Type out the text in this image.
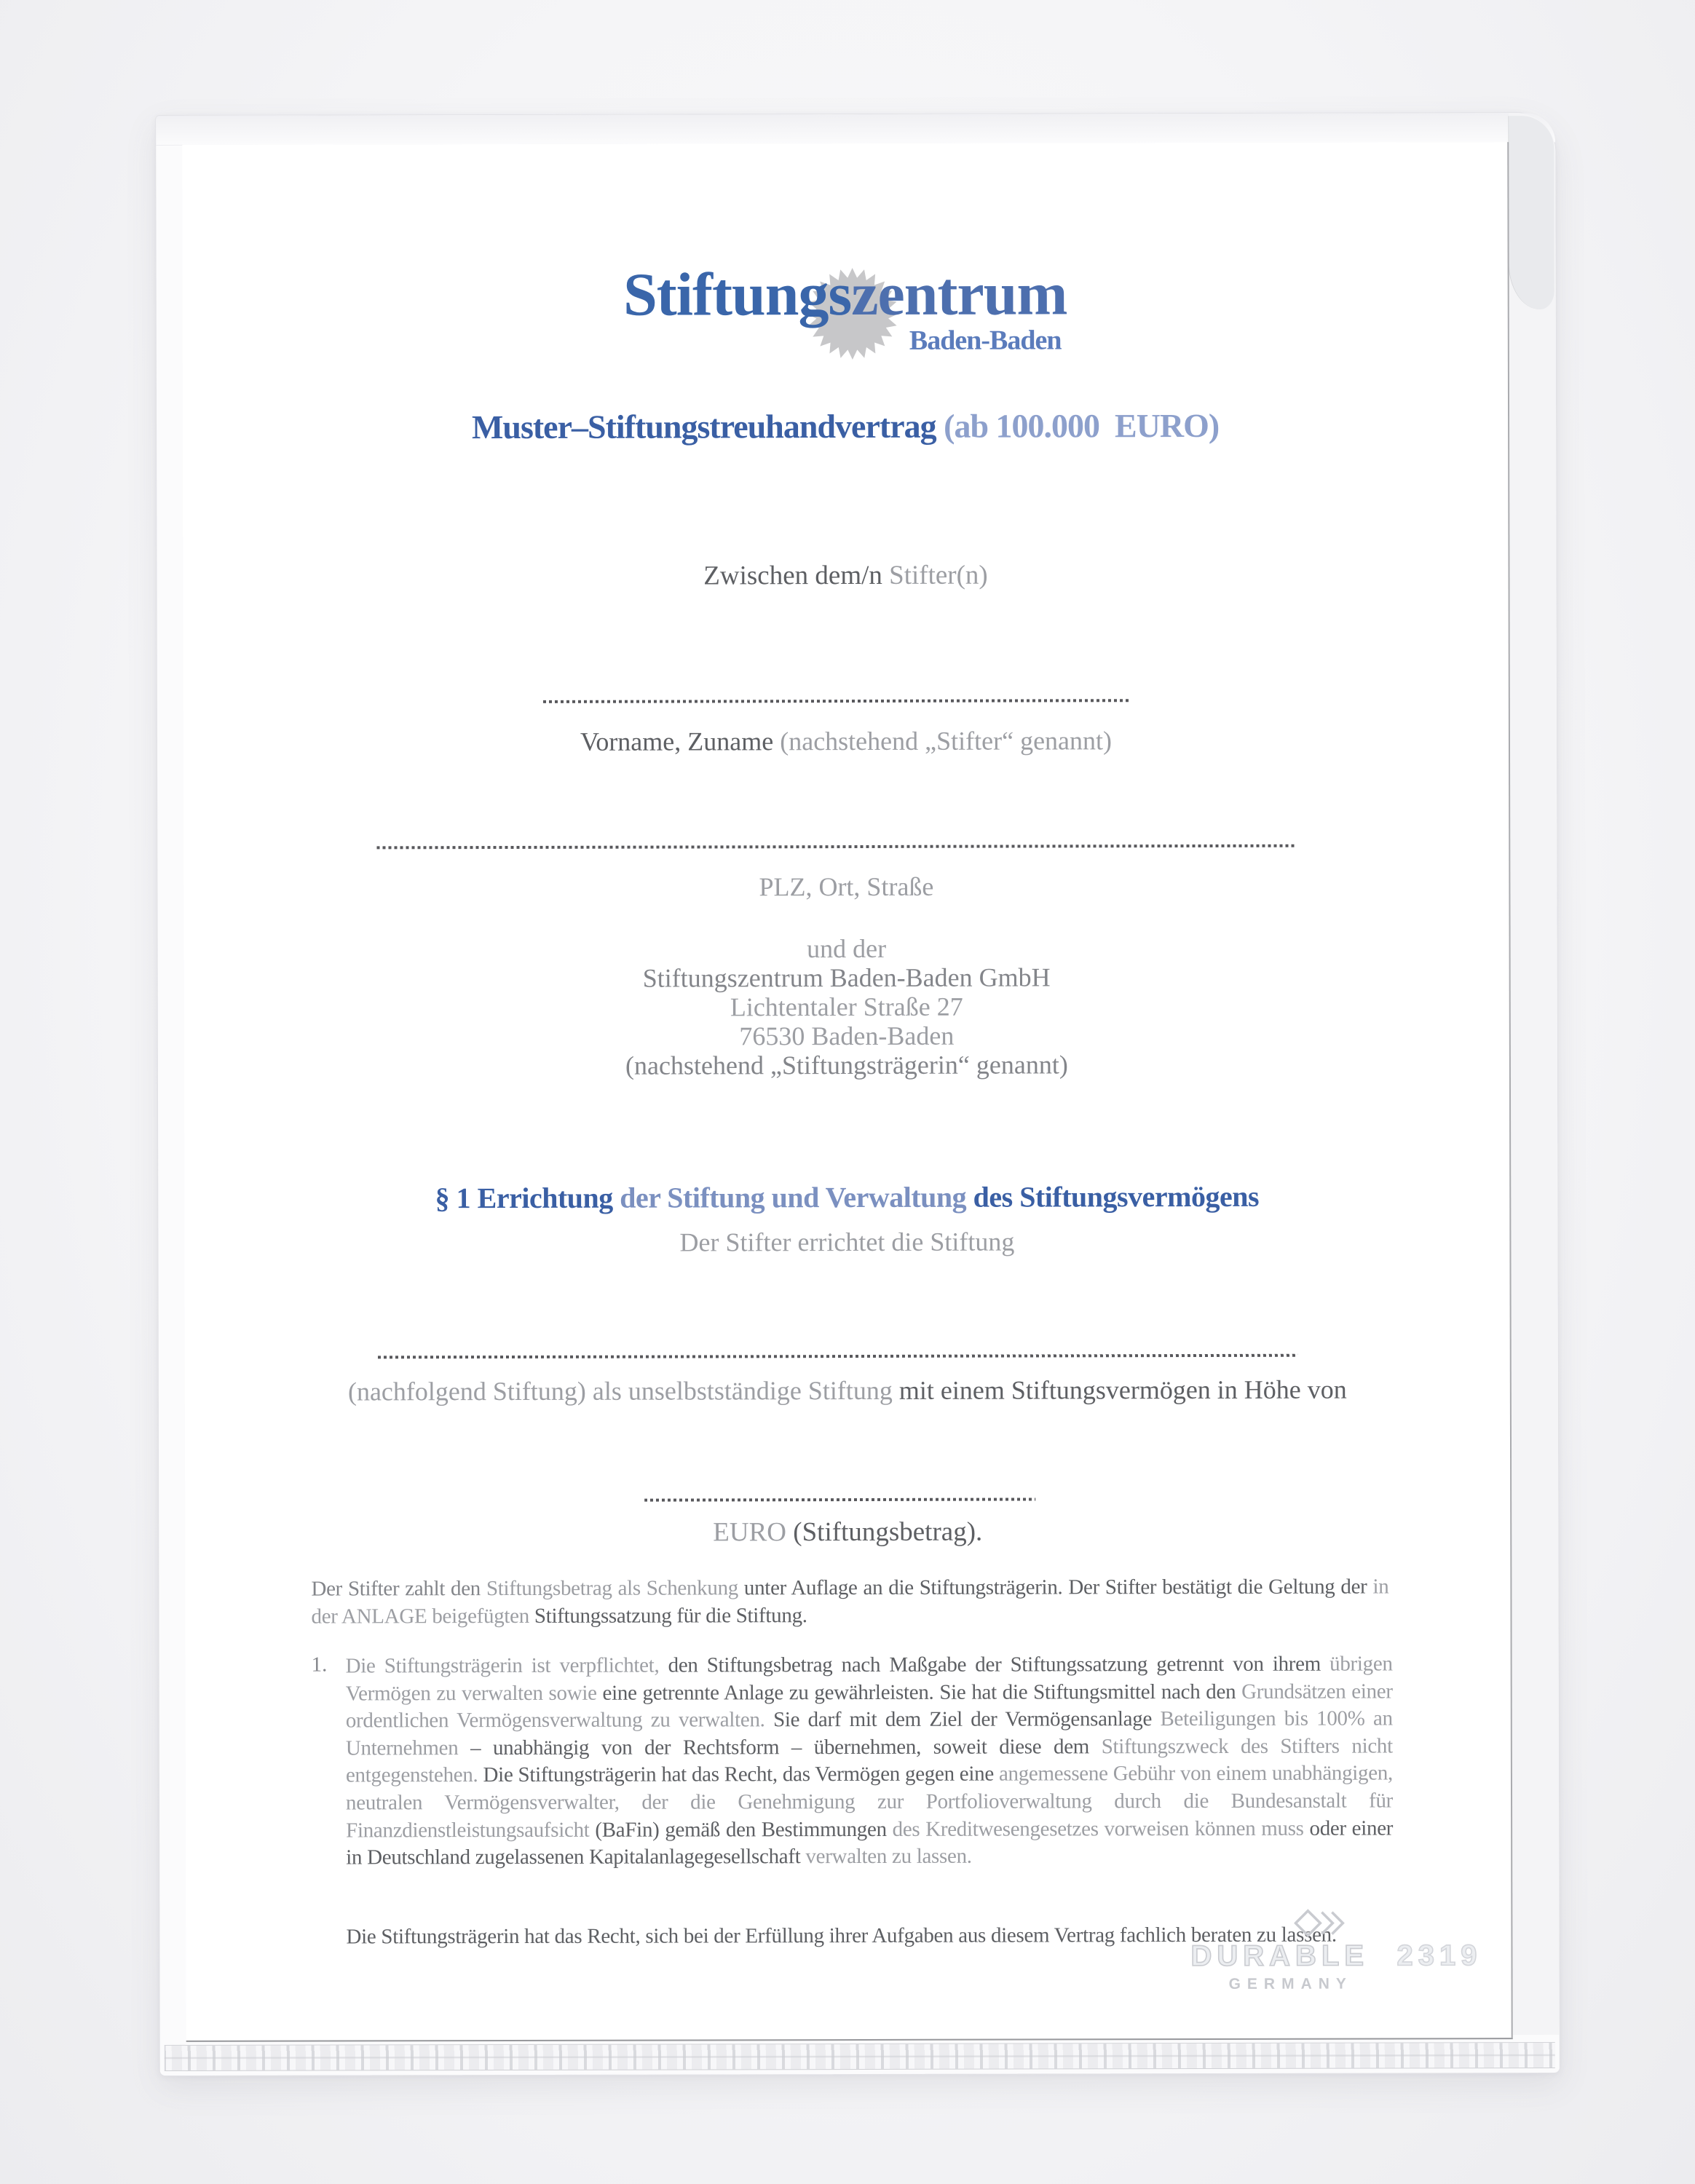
Stiftungszentrum
Baden-Baden
Muster–Stiftungstreuhandvertrag (ab 100.000  EURO)
Zwischen dem/n Stifter(n)
Vorname, Zuname (nachstehend „Stifter“ genannt)
PLZ, Ort, Straße
und der
Stiftungszentrum Baden-Baden GmbH
Lichtentaler Straße 27
76530 Baden-Baden
(nachstehend „Stiftungsträgerin“ genannt)
§ 1 Errichtung der Stiftung und Verwaltung des Stiftungsvermögens
Der Stifter errichtet die Stiftung
(nachfolgend Stiftung) als unselbstständige Stiftung mit einem Stiftungsvermögen in Höhe von
EURO (Stiftungsbetrag).
Der Stifter zahlt den Stiftungsbetrag als Schenkung unter Auflage an die Stiftungsträgerin. Der Stifter bestätigt die Geltung der in der ANLAGE beigefügten Stiftungssatzung für die Stiftung.
1. Die Stiftungsträgerin ist verpflichtet, den Stiftungsbetrag nach Maßgabe der Stiftungssatzung getrennt von ihrem übrigen Vermögen zu verwalten sowie eine getrennte Anlage zu gewährleisten. Sie hat die Stiftungsmittel nach den Grundsätzen einer ordentlichen Vermögensverwaltung zu verwalten. Sie darf mit dem Ziel der Vermögensanlage Beteiligungen bis 100% an Unternehmen – unabhängig von der Rechtsform – übernehmen, soweit diese dem Stiftungszweck des Stifters nicht entgegenstehen. Die Stiftungsträgerin hat das Recht, das Vermögen gegen eine angemessene Gebühr von einem unabhängigen, neutralen Vermögensverwalter, der die Genehmigung zur Portfolioverwaltung durch die Bundesanstalt für Finanzdienstleistungsaufsicht (BaFin) gemäß den Bestimmungen des Kreditwesengesetzes vorweisen können muss oder einer in Deutschland zugelassenen Kapitalanlagegesellschaft verwalten zu lassen.
Die Stiftungsträgerin hat das Recht, sich bei der Erfüllung ihrer Aufgaben aus diesem Vertrag fachlich beraten zu lassen.
DURABLE 2319
GERMANY
